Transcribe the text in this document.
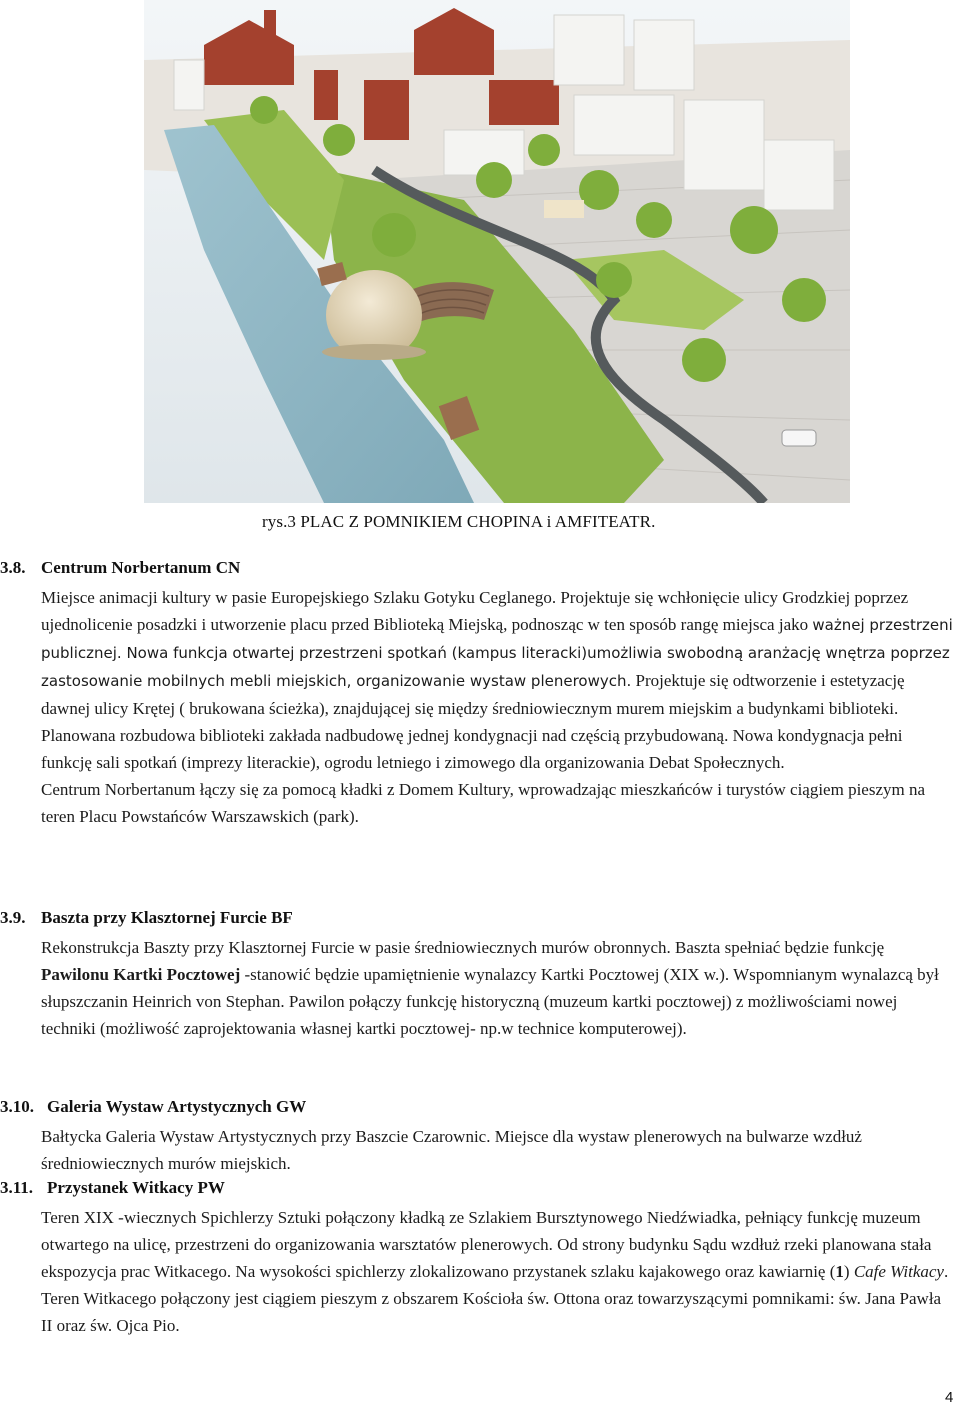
rys.3 PLAC Z POMNIKIEM CHOPINA i AMFITEATR.
3.8. Centrum Norbertanum CN

Miejsce animacji kultury w pasie Europejskiego Szlaku Gotyku Ceglanego. Projektuje się wchłonięcie ulicy Grodzkiej poprzez ujednolicenie posadzki i utworzenie placu przed Biblioteką Miejską, podnosząc w ten sposób rangę miejsca jako ważnej przestrzeni publicznej. Nowa funkcja otwartej przestrzeni spotkań (kampus literacki)umożliwia swobodną aranżację wnętrza poprzez zastosowanie mobilnych mebli miejskich, organizowanie wystaw plenerowych. Projektuje się odtworzenie i estetyzację dawnej ulicy Krętej ( brukowana ścieżka), znajdującej się między średniowiecznym murem miejskim a budynkami biblioteki. Planowana rozbudowa biblioteki zakłada nadbudowę jednej kondygnacji nad częścią przybudowaną. Nowa kondygnacja pełni funkcję sali spotkań (imprezy literackie), ogrodu letniego i zimowego dla organizowania Debat Społecznych.

Centrum Norbertanum łączy się za pomocą kładki z Domem Kultury, wprowadzając mieszkańców i turystów ciągiem pieszym na teren Placu Powstańców Warszawskich (park).

3.9. Baszta przy Klasztornej Furcie BF

Rekonstrukcja Baszty przy Klasztornej Furcie w pasie średniowiecznych murów obronnych. Baszta spełniać będzie funkcję Pawilonu Kartki Pocztowej -stanowić będzie upamiętnienie wynalazcy Kartki Pocztowej (XIX w.). Wspomnianym wynalazcą był słupszczanin Heinrich von Stephan. Pawilon połączy funkcję historyczną (muzeum kartki pocztowej) z możliwościami nowej techniki (możliwość zaprojektowania własnej kartki pocztowej- np.w technice komputerowej).

3.10. Galeria Wystaw Artystycznych GW

Bałtycka Galeria Wystaw Artystycznych przy Baszcie Czarownic. Miejsce dla wystaw plenerowych na bulwarze wzdłuż średniowiecznych murów miejskich.

3.11. Przystanek Witkacy PW

Teren XIX -wiecznych Spichlerzy Sztuki połączony kładką ze Szlakiem Bursztynowego Niedźwiadka, pełniący funkcję muzeum otwartego na ulicę, przestrzeni do organizowania warsztatów plenerowych. Od strony budynku Sądu wzdłuż rzeki planowana stała ekspozycja prac Witkacego. Na wysokości spichlerzy zlokalizowano przystanek szlaku kajakowego oraz kawiarnię (1) Cafe Witkacy. Teren Witkacego połączony jest ciągiem pieszym z obszarem Kościoła św. Ottona oraz towarzyszącymi pomnikami: św. Jana Pawła II oraz św. Ojca Pio.

4
